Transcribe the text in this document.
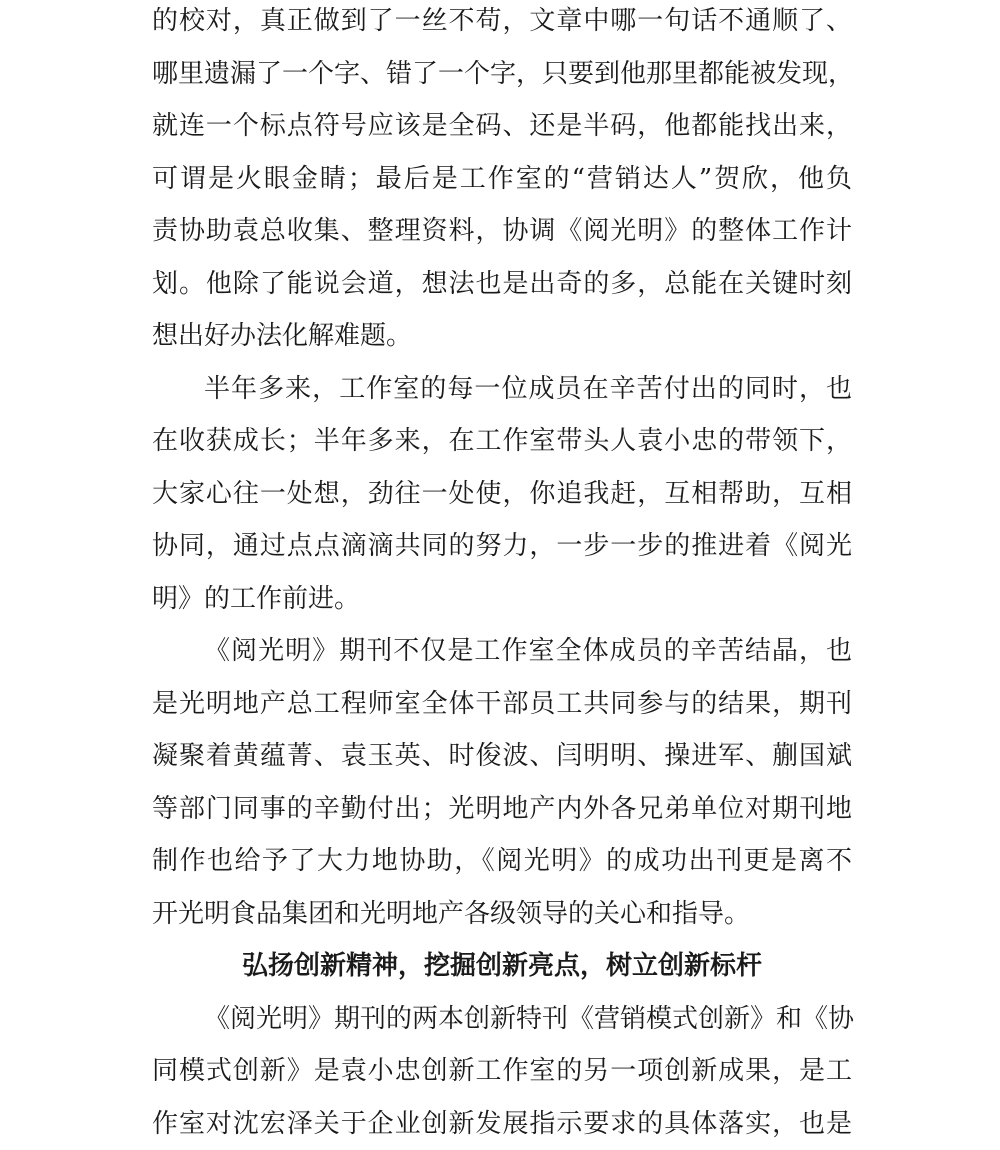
的校对，真正做到了一丝不苟，文章中哪一句话不通顺了、
哪里遗漏了一个字、错了一个字，只要到他那里都能被发现，
就连一个标点符号应该是全码、还是半码，他都能找出来，
可谓是火眼金睛；最后是工作室的“营销达人”贺欣，他负
责协助袁总收集、整理资料，协调《阅光明》的整体工作计
划。他除了能说会道，想法也是出奇的多，总能在关键时刻
想出好办法化解难题。
半年多来，工作室的每一位成员在辛苦付出的同时，也
在收获成长；半年多来，在工作室带头人袁小忠的带领下，
大家心往一处想，劲往一处使，你追我赶，互相帮助，互相
协同，通过点点滴滴共同的努力，一步一步的推进着《阅光
明》的工作前进。
《阅光明》期刊不仅是工作室全体成员的辛苦结晶，也
是光明地产总工程师室全体干部员工共同参与的结果，期刊
凝聚着黄蕴菁、袁玉英、时俊波、闫明明、操进军、蒯国斌
等部门同事的辛勤付出；光明地产内外各兄弟单位对期刊地
制作也给予了大力地协助，《阅光明》的成功出刊更是离不
开光明食品集团和光明地产各级领导的关心和指导。
弘扬创新精神，挖掘创新亮点，树立创新标杆
《阅光明》期刊的两本创新特刊《营销模式创新》和《协
同模式创新》是袁小忠创新工作室的另一项创新成果，是工
作室对沈宏泽关于企业创新发展指示要求的具体落实，也是
